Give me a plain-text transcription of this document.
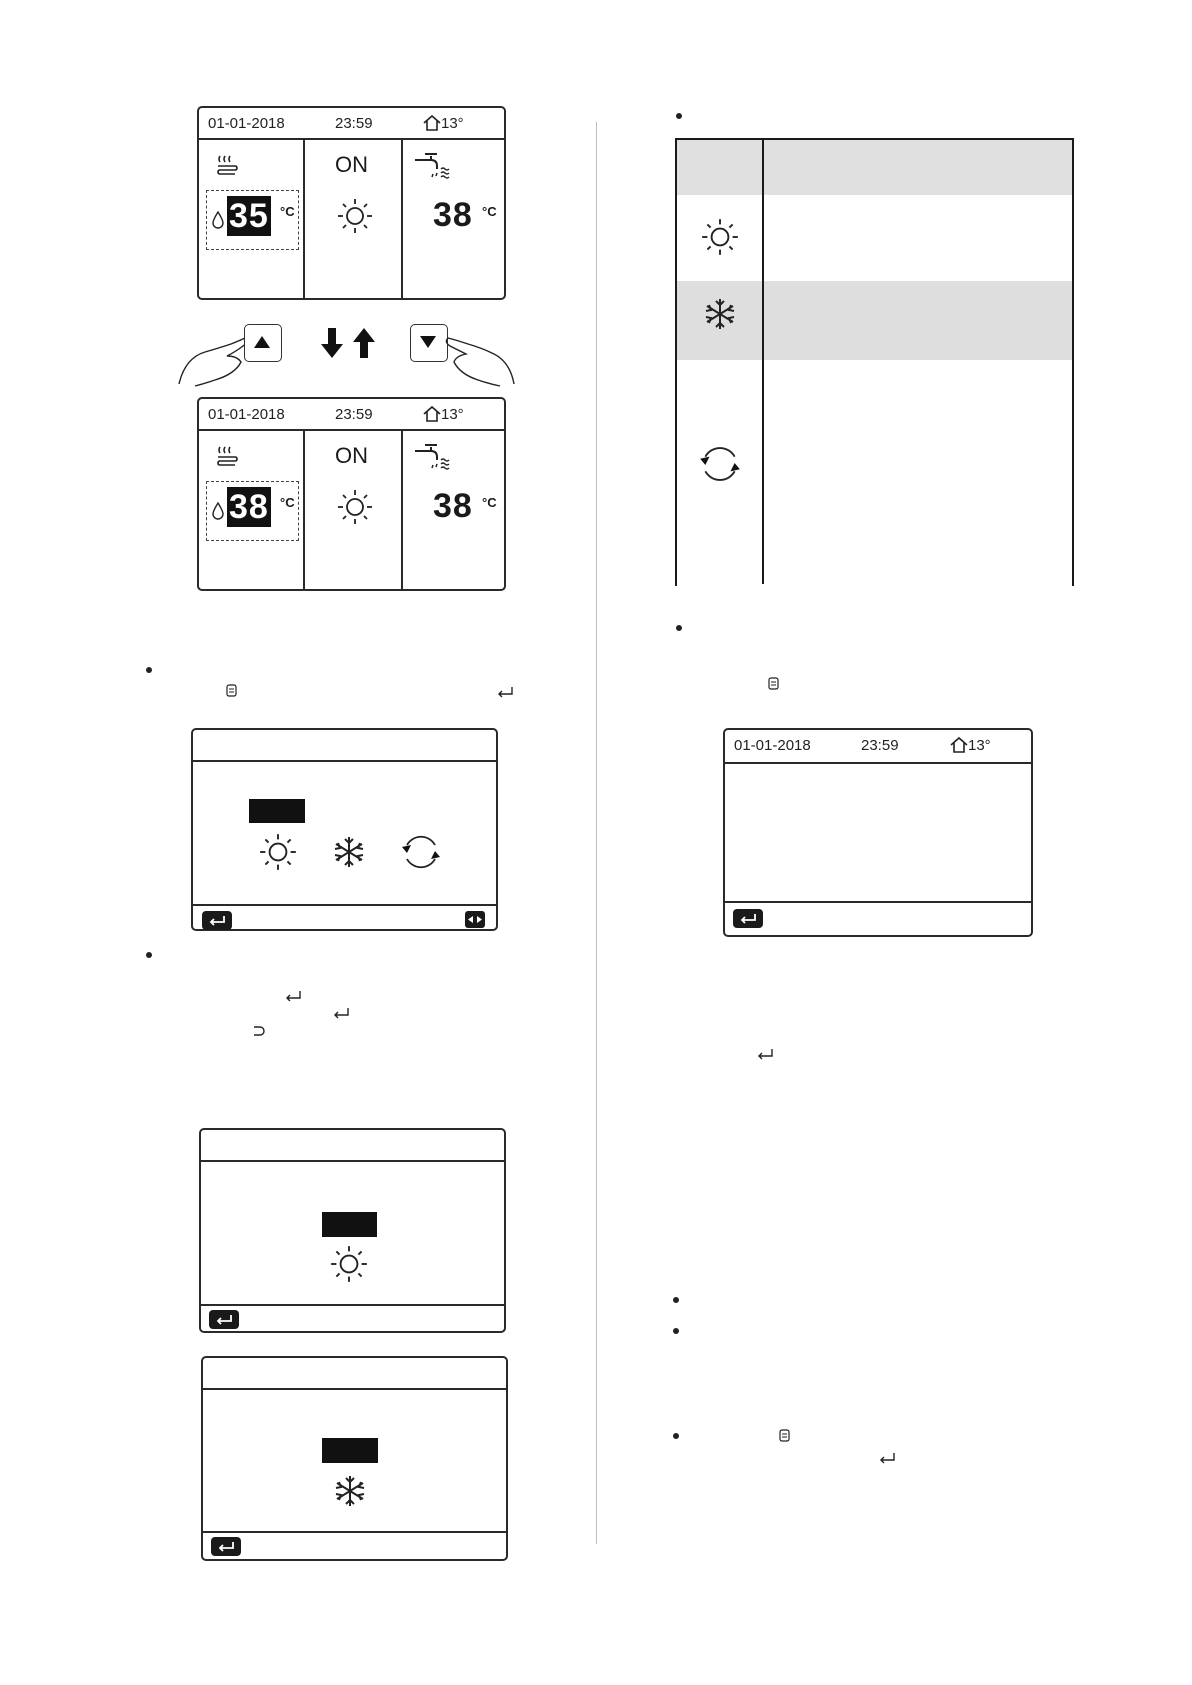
01-01-2018	23:59	13°
35 °C
ON
38 °C
01-01-2018	23:59	13°
38 °C
ON
38 °C
01-01-2018	23:59	13°
